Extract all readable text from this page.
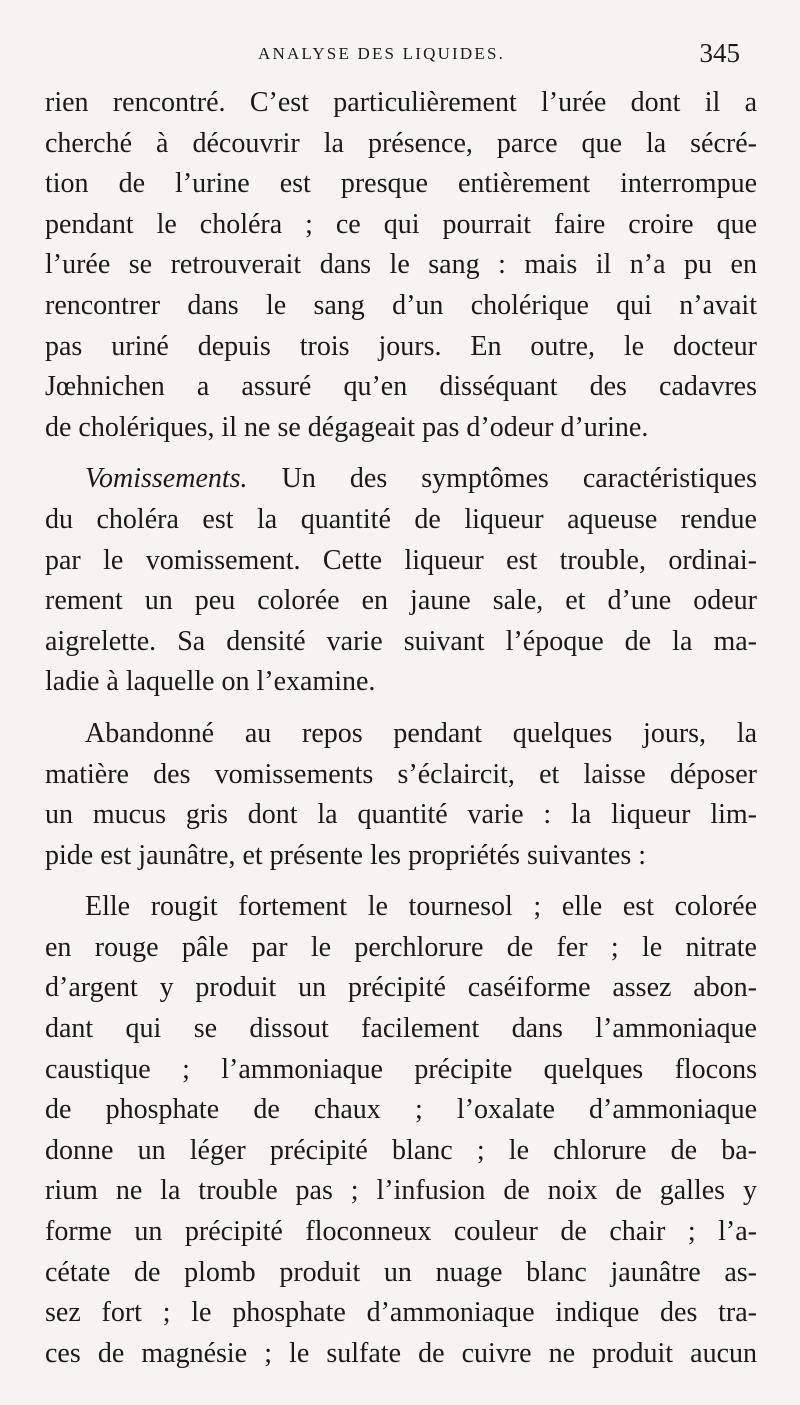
ANALYSE DES LIQUIDES.	345
rien rencontré. C’est particulièrement l’urée dont il a
cherché à découvrir la présence, parce que la sécré-
tion de l’urine est presque entièrement interrompue
pendant le choléra ; ce qui pourrait faire croire que
l’urée se retrouverait dans le sang : mais il n’a pu en
rencontrer dans le sang d’un cholérique qui n’avait
pas uriné depuis trois jours. En outre, le docteur
Jœhnichen a assuré qu’en disséquant des cadavres
de cholériques, il ne se dégageait pas d’odeur d’urine.
Vomissements. Un des symptômes caractéristiques
du choléra est la quantité de liqueur aqueuse rendue
par le vomissement. Cette liqueur est trouble, ordinai-
rement un peu colorée en jaune sale, et d’une odeur
aigrelette. Sa densité varie suivant l’époque de la ma-
ladie à laquelle on l’examine.
Abandonné au repos pendant quelques jours, la
matière des vomissements s’éclaircit, et laisse déposer
un mucus gris dont la quantité varie : la liqueur lim-
pide est jaunâtre, et présente les propriétés suivantes :
Elle rougit fortement le tournesol ; elle est colorée
en rouge pâle par le perchlorure de fer ; le nitrate
d’argent y produit un précipité caséiforme assez abon-
dant qui se dissout facilement dans l’ammoniaque
caustique ; l’ammoniaque précipite quelques flocons
de phosphate de chaux ; l’oxalate d’ammoniaque
donne un léger précipité blanc ; le chlorure de ba-
rium ne la trouble pas ; l’infusion de noix de galles y
forme un précipité floconneux couleur de chair ; l’a-
cétate de plomb produit un nuage blanc jaunâtre as-
sez fort ; le phosphate d’ammoniaque indique des tra-
ces de magnésie ; le sulfate de cuivre ne produit aucun
